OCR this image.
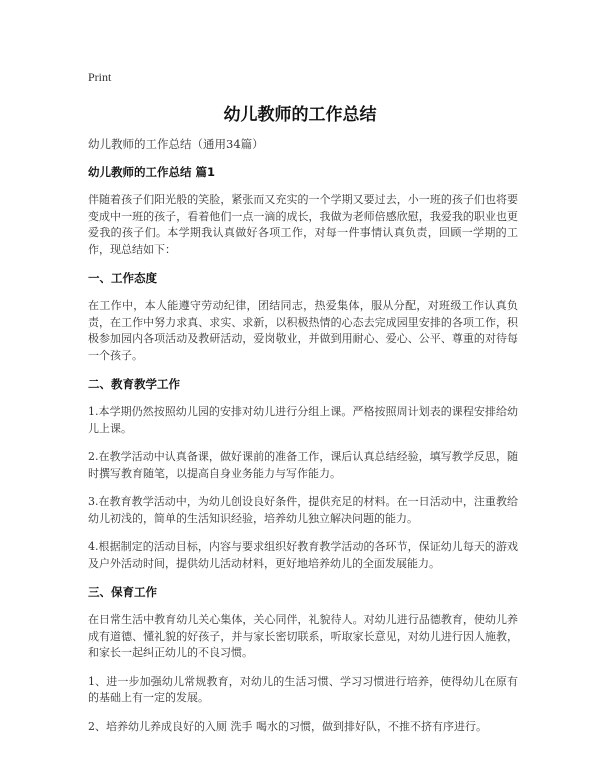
Print
幼儿教师的工作总结

幼儿教师的工作总结（通用34篇）

幼儿教师的工作总结 篇1

伴随着孩子们阳光般的笑脸，紧张而又充实的一个学期又要过去，小一班的孩子们也将要变成中一班的孩子，看着他们一点一滴的成长，我做为老师倍感欣慰，我爱我的职业也更爱我的孩子们。本学期我认真做好各项工作，对每一件事情认真负责，回顾一学期的工作，现总结如下：

一、工作态度

在工作中，本人能遵守劳动纪律，团结同志，热爱集体，服从分配，对班级工作认真负责，在工作中努力求真、求实、求新，以积极热情的心态去完成园里安排的各项工作，积极参加园内各项活动及教研活动，爱岗敬业，并做到用耐心、爱心、公平、尊重的对待每一个孩子。

二、教育教学工作

1.本学期仍然按照幼儿园的安排对幼儿进行分组上课。严格按照周计划表的课程安排给幼儿上课。

2.在教学活动中认真备课，做好课前的准备工作，课后认真总结经验，填写教学反思，随时撰写教育随笔，以提高自身业务能力与写作能力。

3.在教育教学活动中，为幼儿创设良好条件，提供充足的材料。在一日活动中，注重教给幼儿初浅的，简单的生活知识经验，培养幼儿独立解决问题的能力。

4.根据制定的活动目标，内容与要求组织好教育教学活动的各环节，保证幼儿每天的游戏及户外活动时间，提供幼儿活动材料，更好地培养幼儿的全面发展能力。

三、保育工作

在日常生活中教育幼儿关心集体，关心同伴，礼貌待人。对幼儿进行品德教育，使幼儿养成有道德、懂礼貌的好孩子，并与家长密切联系，听取家长意见，对幼儿进行因人施教，和家长一起纠正幼儿的不良习惯。

1、进一步加强幼儿常规教育，对幼儿的生活习惯、学习习惯进行培养，使得幼儿在原有的基础上有一定的发展。

2、培养幼儿养成良好的入厕 洗手 喝水的习惯，做到排好队，不推不挤有序进行。
